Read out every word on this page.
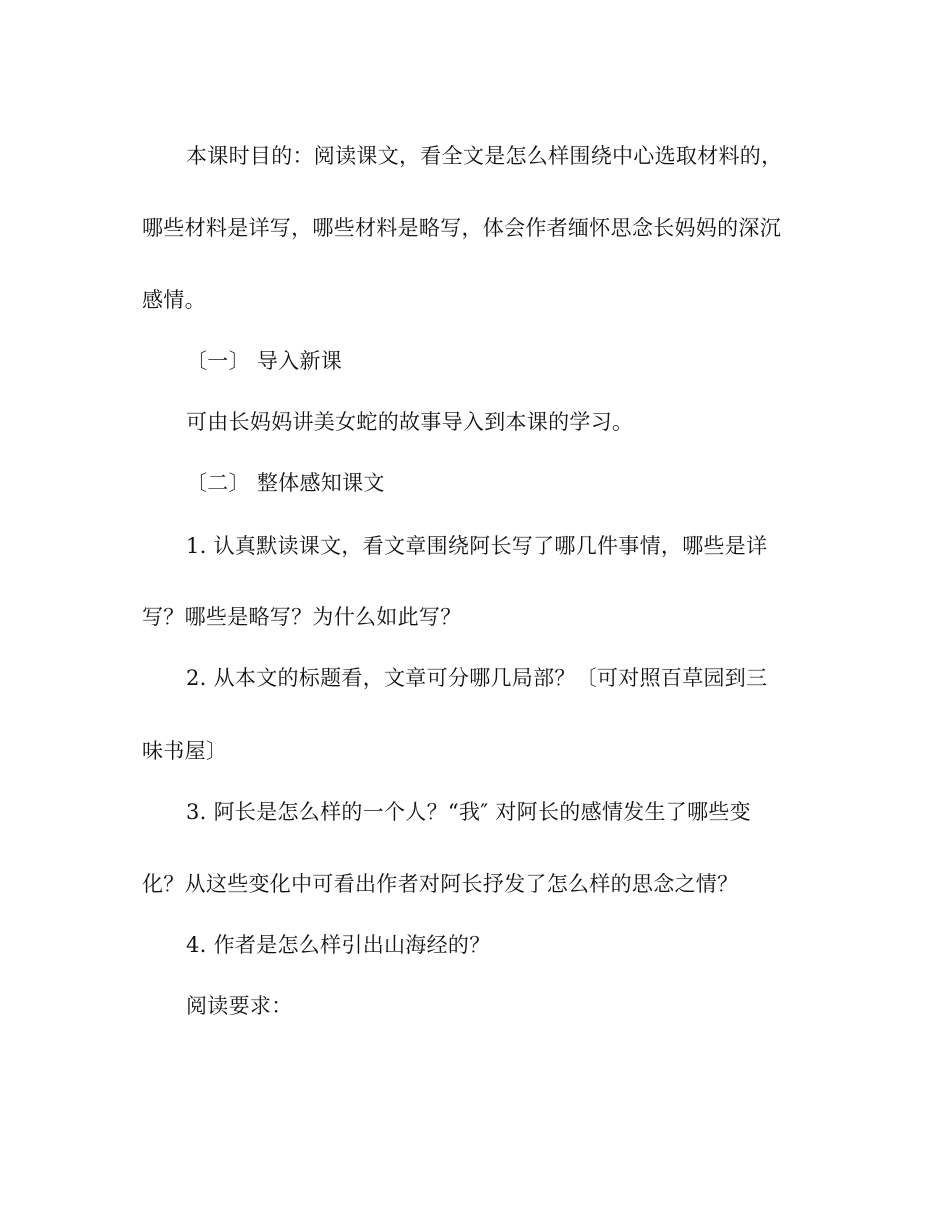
本课时目的：阅读课文，看全文是怎么样围绕中心选取材料的，
哪些材料是详写，哪些材料是略写，体会作者缅怀思念长妈妈的深沉
感情。
〔一〕 导入新课
可由长妈妈讲美女蛇的故事导入到本课的学习。
〔二〕 整体感知课文
1. 认真默读课文，看文章围绕阿长写了哪几件事情，哪些是详
写？哪些是略写？为什么如此写？
2. 从本文的标题看，文章可分哪几局部？〔可对照百草园到三
味书屋〕
3. 阿长是怎么样的一个人？“我″ 对阿长的感情发生了哪些变
化？从这些变化中可看出作者对阿长抒发了怎么样的思念之情？
4. 作者是怎么样引出山海经的？
阅读要求：
